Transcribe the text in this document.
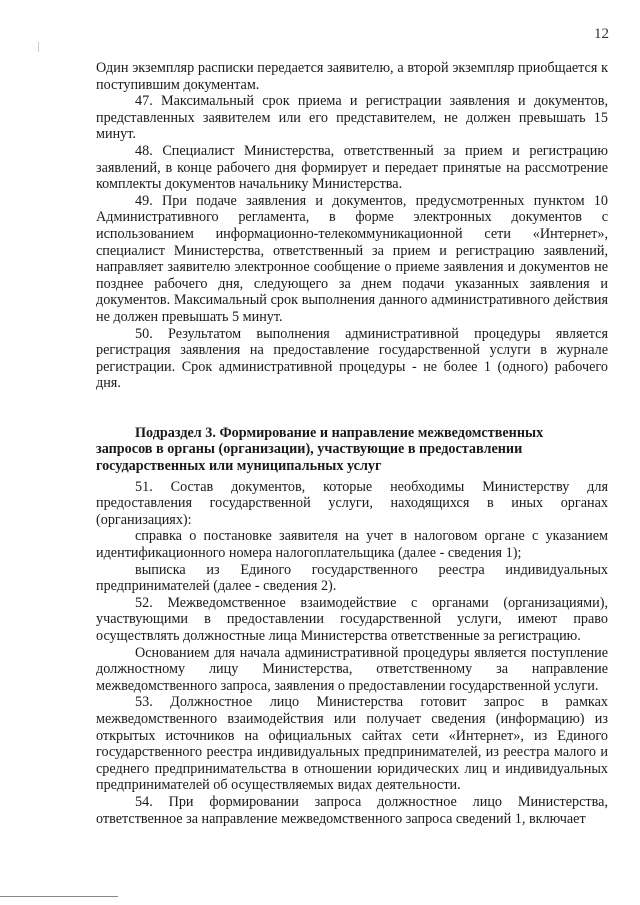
12

Один экземпляр расписки передается заявителю, а второй экземпляр приобщается к поступившим документам.

47. Максимальный срок приема и регистрации заявления и документов, представленных заявителем или его представителем, не должен превышать 15 минут.

48. Специалист Министерства, ответственный за прием и регистрацию заявлений, в конце рабочего дня формирует и передает принятые на рассмотрение комплекты документов начальнику Министерства.

49. При подаче заявления и документов, предусмотренных пунктом 10 Административного регламента, в форме электронных документов с использованием информационно-телекоммуникационной сети «Интернет», специалист Министерства, ответственный за прием и регистрацию заявлений, направляет заявителю электронное сообщение о приеме заявления и документов не позднее рабочего дня, следующего за днем подачи указанных заявления и документов. Максимальный срок выполнения данного административного действия не должен превышать 5 минут.

50. Результатом выполнения административной процедуры является регистрация заявления на предоставление государственной услуги в журнале регистрации. Срок административной процедуры - не более 1 (одного) рабочего дня.

Подраздел 3. Формирование и направление межведомственных
запросов в органы (организации), участвующие в предоставлении
государственных или муниципальных услуг

51. Состав документов, которые необходимы Министерству для предоставления государственной услуги, находящихся в иных органах (организациях):

справка о постановке заявителя на учет в налоговом органе с указанием идентификационного номера налогоплательщика (далее - сведения 1);

выписка из Единого государственного реестра индивидуальных предпринимателей (далее - сведения 2).

52. Межведомственное взаимодействие с органами (организациями), участвующими в предоставлении государственной услуги, имеют право осуществлять должностные лица Министерства ответственные за регистрацию.

Основанием для начала административной процедуры является поступление должностному лицу Министерства, ответственному за направление межведомственного запроса, заявления о предоставлении государственной услуги.

53. Должностное лицо Министерства готовит запрос в рамках межведомственного взаимодействия или получает сведения (информацию) из открытых источников на официальных сайтах сети «Интернет», из Единого государственного реестра индивидуальных предпринимателей, из реестра малого и среднего предпринимательства в отношении юридических лиц и индивидуальных предпринимателей об осуществляемых видах деятельности.

54. При формировании запроса должностное лицо Министерства, ответственное за направление межведомственного запроса сведений 1, включает
